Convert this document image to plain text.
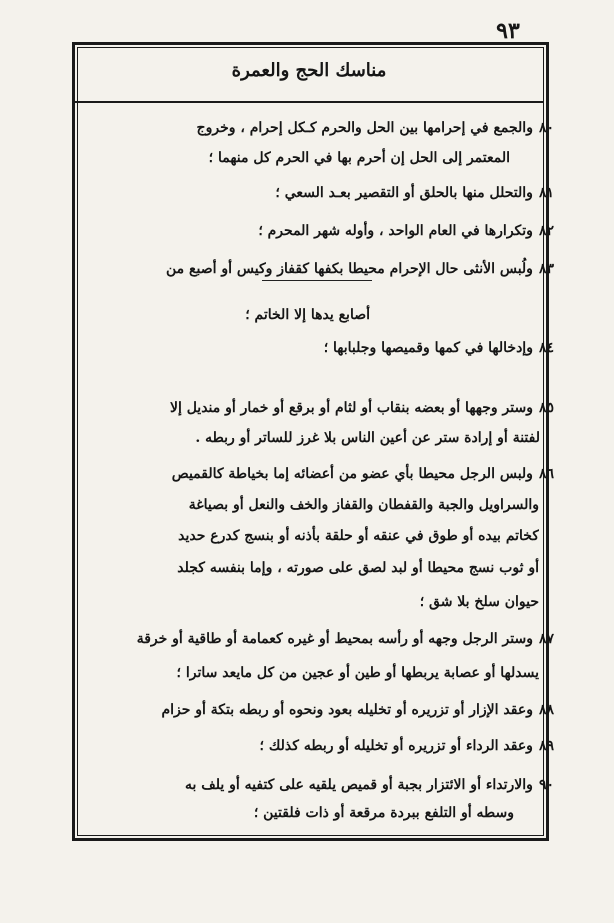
٩٣
مناسك الحج والعمرة
٨٠والجمع في إحرامها بين الحل والحرم كـكل إحرام ، وخروج
المعتمر إلى الحل إن أحرم بها في الحرم كل منهما ؛
٨١والتحلل منها بالحلق أو التقصير بعـد السعي ؛
٨٢وتكرارها في العام الواحد ، وأوله شهر المحرم ؛
٨٣ولُبس الأنثى حال الإحرام محيطا بكفها كقفاز وكيس أو أصبع من
أصابع يدها إلا الخاتم ؛
٨٤وإدخالها في كمها وقميصها وجلبابها ؛
٨٥وستر وجهها أو بعضه بنقاب أو لثام أو برقع أو خمار أو منديل إلا
لفتنة أو إرادة ستر عن أعين الناس بلا غرز للساتر أو ربطه .
٨٦ولبس الرجل محيطا بأي عضو من أعضائه إما بخياطة كالقميص
والسراويل والجبة والقفطان والقفاز والخف والنعل أو بصياغة
كخاتم بيده أو طوق في عنقه أو حلقة بأذنه أو بنسج كدرع حديد
أو ثوب نسج محيطا أو لبد لصق على صورته ، وإما بنفسه كجلد
حيوان سلخ بلا شق ؛
٨٧وستر الرجل وجهه أو رأسه بمحيط أو غيره كعمامة أو طاقية أو خرقة
يسدلها أو عصابة يربطها أو طين أو عجين من كل مايعد ساترا ؛
٨٨وعقد الإزار أو تزريره أو تخليله بعود ونحوه أو ربطه بتكة أو حزام
٨٩وعقد الرداء أو تزريره أو تخليله أو ربطه كذلك ؛
٩٠والارتداء أو الائتزار بجبة أو قميص يلقيه على كتفيه أو يلف به
وسطه أو التلفع ببردة مرقعة أو ذات فلقتين ؛
